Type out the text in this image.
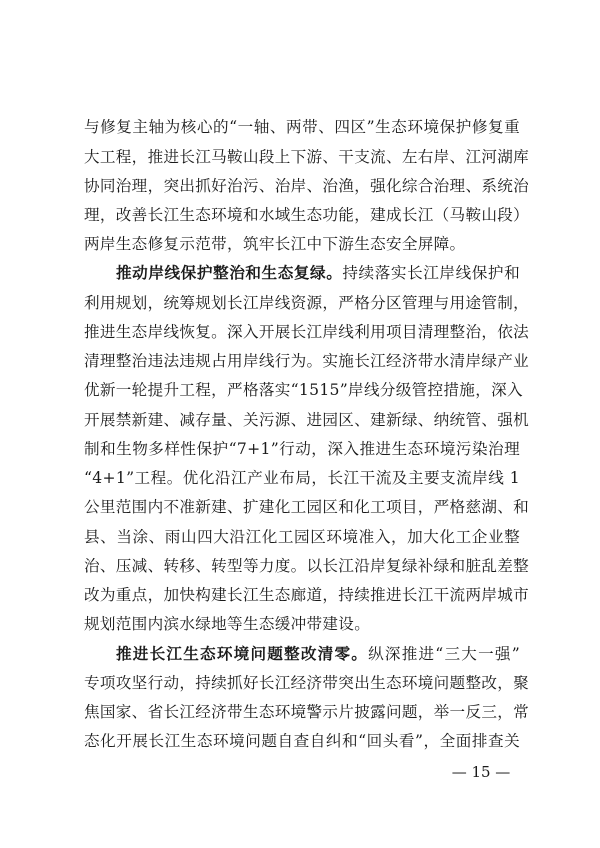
与修复主轴为核心的“一轴、两带、四区”生态环境保护修复重
大工程，推进长江马鞍山段上下游、干支流、左右岸、江河湖库
协同治理，突出抓好治污、治岸、治渔，强化综合治理、系统治
理，改善长江生态环境和水域生态功能，建成长江（马鞍山段）
两岸生态修复示范带，筑牢长江中下游生态安全屏障。
推动岸线保护整治和生态复绿。持续落实长江岸线保护和
利用规划，统筹规划长江岸线资源，严格分区管理与用途管制，
推进生态岸线恢复。深入开展长江岸线利用项目清理整治，依法
清理整治违法违规占用岸线行为。实施长江经济带水清岸绿产业
优新一轮提升工程，严格落实“1515”岸线分级管控措施，深入
开展禁新建、减存量、关污源、进园区、建新绿、纳统管、强机
制和生物多样性保护“7+1”行动，深入推进生态环境污染治理
“4+1”工程。优化沿江产业布局，长江干流及主要支流岸线 1
公里范围内不准新建、扩建化工园区和化工项目，严格慈湖、和
县、当涂、雨山四大沿江化工园区环境准入，加大化工企业整
治、压减、转移、转型等力度。以长江沿岸复绿补绿和脏乱差整
改为重点，加快构建长江生态廊道，持续推进长江干流两岸城市
规划范围内滨水绿地等生态缓冲带建设。
推进长江生态环境问题整改清零。纵深推进“三大一强”
专项攻坚行动，持续抓好长江经济带突出生态环境问题整改，聚
焦国家、省长江经济带生态环境警示片披露问题，举一反三，常
态化开展长江生态环境问题自查自纠和“回头看”，全面排查关
— 15 —
